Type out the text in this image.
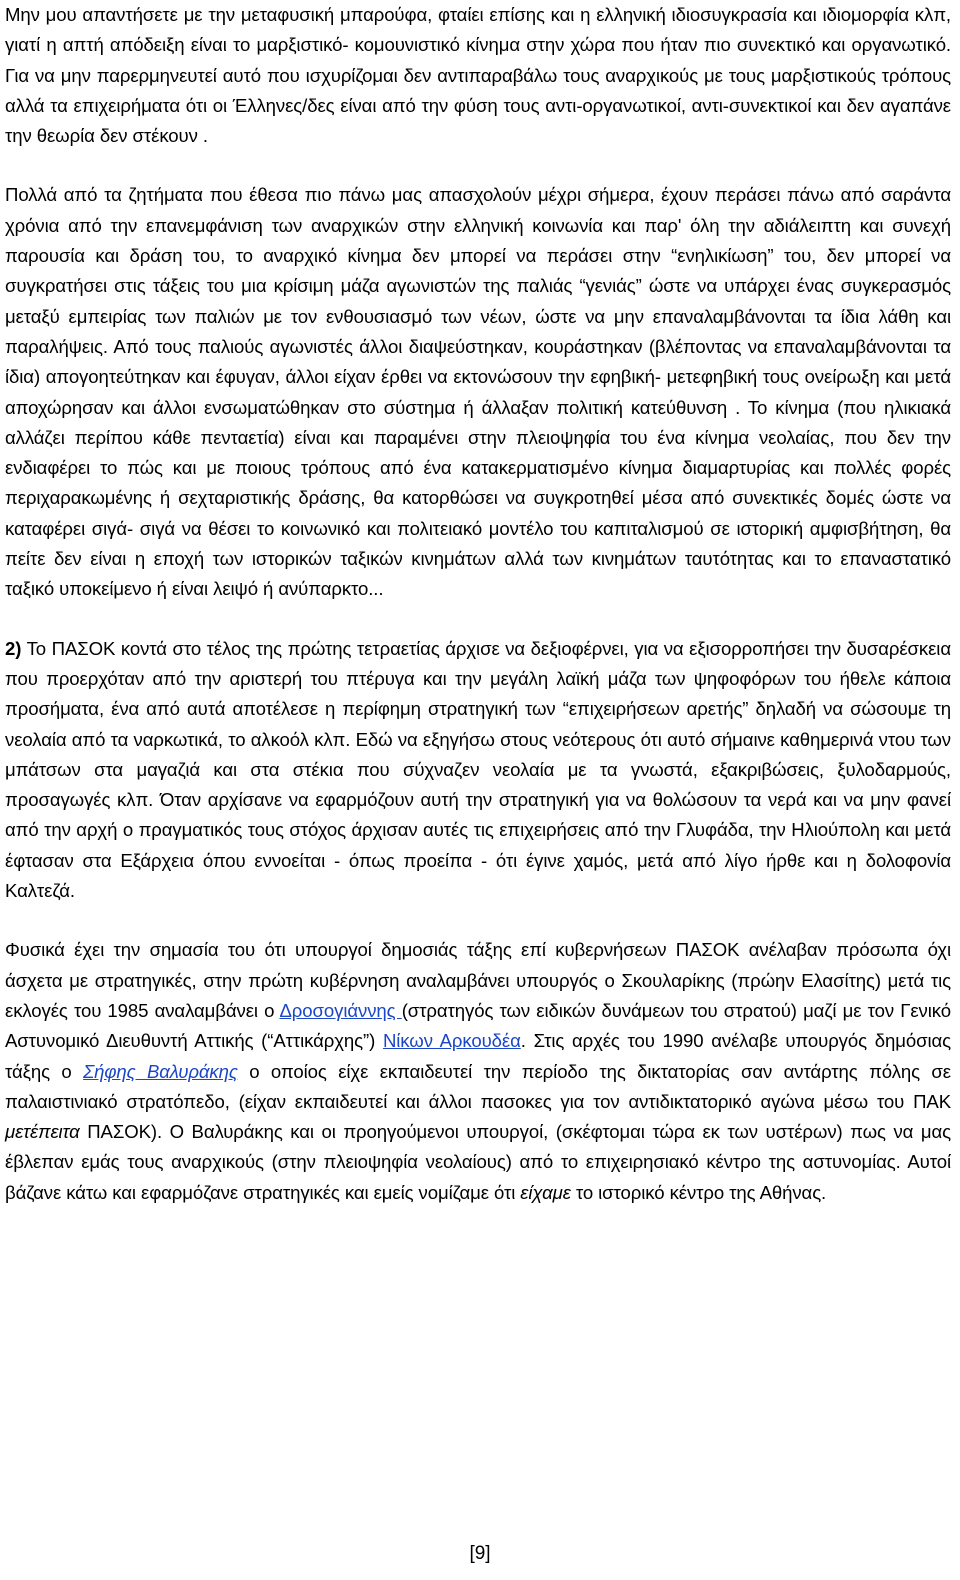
Μην μου απαντήσετε με την μεταφυσική μπαρούφα, φταίει επίσης και η ελληνική ιδιοσυγκρασία και ιδιομορφία κλπ, γιατί η απτή απόδειξη είναι το μαρξιστικό- κομουνιστικό κίνημα στην χώρα που ήταν πιο συνεκτικό και οργανωτικό. Για να μην παρερμηνευτεί αυτό που ισχυρίζομαι δεν αντιπαραβάλω τους αναρχικούς με τους μαρξιστικούς τρόπους αλλά τα επιχειρήματα ότι οι Έλληνες/δες είναι από την φύση τους αντι-οργανωτικοί, αντι-συνεκτικοί και δεν αγαπάνε την θεωρία δεν στέκουν .

Πολλά από τα ζητήματα που έθεσα πιο πάνω μας απασχολούν μέχρι σήμερα, έχουν περάσει πάνω από σαράντα χρόνια από την επανεμφάνιση των αναρχικών στην ελληνική κοινωνία και παρ' όλη την αδιάλειπτη και συνεχή παρουσία και δράση του, το αναρχικό κίνημα δεν μπορεί να περάσει στην “ενηλικίωση” του, δεν μπορεί να συγκρατήσει στις τάξεις του μια κρίσιμη μάζα αγωνιστών της παλιάς “γενιάς” ώστε να υπάρχει ένας συγκερασμός μεταξύ εμπειρίας των παλιών με τον ενθουσιασμό των νέων, ώστε να μην επαναλαμβάνονται τα ίδια λάθη και παραλήψεις. Από τους παλιούς αγωνιστές άλλοι διαψεύστηκαν, κουράστηκαν (βλέποντας να επαναλαμβάνονται τα ίδια) απογοητεύτηκαν και έφυγαν, άλλοι είχαν έρθει να εκτονώσουν την εφηβική- μετεφηβική τους ονείρωξη και μετά αποχώρησαν και άλλοι ενσωματώθηκαν στο σύστημα ή άλλαξαν πολιτική κατεύθυνση . Το κίνημα (που ηλικιακά αλλάζει περίπου κάθε πενταετία) είναι και παραμένει στην πλειοψηφία του ένα κίνημα νεολαίας, που δεν την ενδιαφέρει το πώς και με ποιους τρόπους από ένα κατακερματισμένο κίνημα διαμαρτυρίας και πολλές φορές περιχαρακωμένης ή σεχταριστικής δράσης, θα κατορθώσει να συγκροτηθεί μέσα από συνεκτικές δομές ώστε να καταφέρει σιγά- σιγά να θέσει το κοινωνικό και πολιτειακό μοντέλο του καπιταλισμού σε ιστορική αμφισβήτηση, θα πείτε δεν είναι η εποχή των ιστορικών ταξικών κινημάτων αλλά των κινημάτων ταυτότητας και το επαναστατικό ταξικό υποκείμενο ή είναι λειψό ή ανύπαρκτο...

2) Το ΠΑΣΟΚ κοντά στο τέλος της πρώτης τετραετίας άρχισε να δεξιοφέρνει, για να εξισορροπήσει την δυσαρέσκεια που προερχόταν από την αριστερή του πτέρυγα και την μεγάλη λαϊκή μάζα των ψηφοφόρων του ήθελε κάποια προσήματα, ένα από αυτά αποτέλεσε η περίφημη στρατηγική των “επιχειρήσεων αρετής” δηλαδή να σώσουμε τη νεολαία από τα ναρκωτικά, το αλκοόλ κλπ. Εδώ να εξηγήσω στους νεότερους ότι αυτό σήμαινε καθημερινά ντου των μπάτσων στα μαγαζιά και στα στέκια που σύχναζεν νεολαία με τα γνωστά, εξακριβώσεις, ξυλοδαρμούς, προσαγωγές κλπ. Όταν αρχίσανε να εφαρμόζουν αυτή την στρατηγική για να θολώσουν τα νερά και να μην φανεί από την αρχή ο πραγματικός τους στόχος άρχισαν αυτές τις επιχειρήσεις από την Γλυφάδα, την Ηλιούπολη και μετά έφτασαν στα Εξάρχεια όπου εννοείται - όπως προείπα - ότι έγινε χαμός, μετά από λίγο ήρθε και η δολοφονία Καλτεζά.

Φυσικά έχει την σημασία του ότι υπουργοί δημοσιάς τάξης επί κυβερνήσεων ΠΑΣΟΚ ανέλαβαν πρόσωπα όχι άσχετα με στρατηγικές, στην πρώτη κυβέρνηση αναλαμβάνει υπουργός ο Σκουλαρίκης (πρώην Ελασίτης) μετά τις εκλογές του 1985 αναλαμβάνει ο Δροσογιάννης (στρατηγός των ειδικών δυνάμεων του στρατού) μαζί με τον Γενικό Αστυνομικό Διευθυντή Αττικής (“Αττικάρχης”) Νίκων Αρκουδέα. Στις αρχές του 1990 ανέλαβε υπουργός δημόσιας τάξης ο Σήφης Βαλυράκης ο οποίος είχε εκπαιδευτεί την περίοδο της δικτατορίας σαν αντάρτης πόλης σε παλαιστινιακό στρατόπεδο, (είχαν εκπαιδευτεί και άλλοι πασοκες για τον αντιδικτατορικό αγώνα μέσω του ΠΑΚ μετέπειτα ΠΑΣΟΚ). Ο Βαλυράκης και οι προηγούμενοι υπουργοί, (σκέφτομαι τώρα εκ των υστέρων) πως να μας έβλεπαν εμάς τους αναρχικούς (στην πλειοψηφία νεολαίους) από το επιχειρησιακό κέντρο της αστυνομίας. Αυτοί βάζανε κάτω και εφαρμόζανε στρατηγικές και εμείς νομίζαμε ότι είχαμε το ιστορικό κέντρο της Αθήνας.

[9]
